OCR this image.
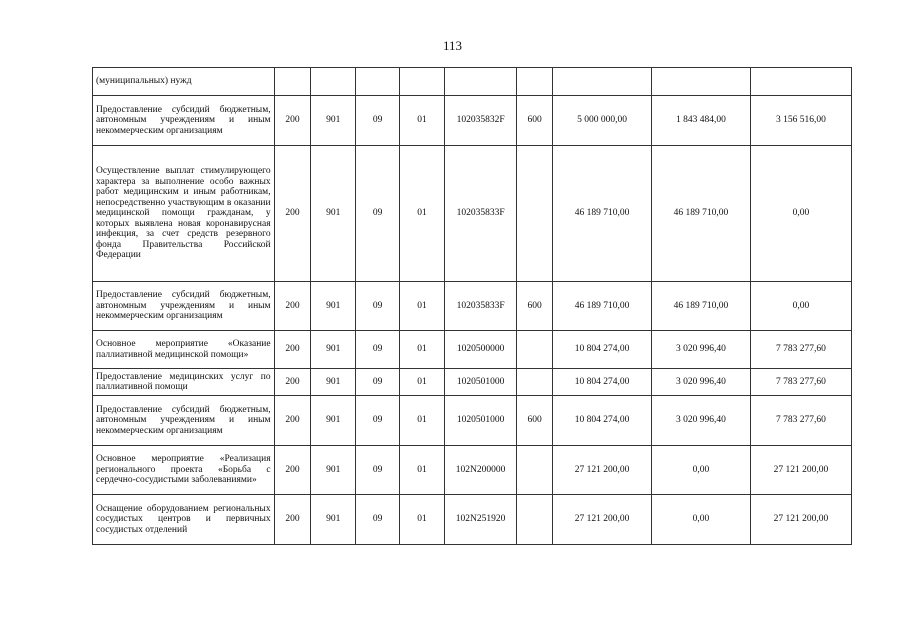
113
(муниципальных) нужд									
Предоставление субсидий бюджетным, автономным учреждениям и иным некоммерческим организациям	200	901	09	01	102035832F	600	5 000 000,00	1 843 484,00	3 156 516,00
Осуществление выплат стимулирующего характера за выполнение особо важных работ медицинским и иным работникам, непосредственно участвующим в оказании медицинской помощи гражданам, у которых выявлена новая коронавирусная инфекция, за счет средств резервного фонда Правительства Российской Федерации	200	901	09	01	102035833F		46 189 710,00	46 189 710,00	0,00
Предоставление субсидий бюджетным, автономным учреждениям и иным некоммерческим организациям	200	901	09	01	102035833F	600	46 189 710,00	46 189 710,00	0,00
Основное мероприятие «Оказание паллиативной медицинской помощи»	200	901	09	01	1020500000		10 804 274,00	3 020 996,40	7 783 277,60
Предоставление медицинских услуг по паллиативной помощи	200	901	09	01	1020501000		10 804 274,00	3 020 996,40	7 783 277,60
Предоставление субсидий бюджетным, автономным учреждениям и иным некоммерческим организациям	200	901	09	01	1020501000	600	10 804 274,00	3 020 996,40	7 783 277,60
Основное мероприятие «Реализация регионального проекта «Борьба с сердечно-сосудистыми заболеваниями»	200	901	09	01	102N200000		27 121 200,00	0,00	27 121 200,00
Оснащение оборудованием региональных сосудистых центров и первичных сосудистых отделений	200	901	09	01	102N251920		27 121 200,00	0,00	27 121 200,00
